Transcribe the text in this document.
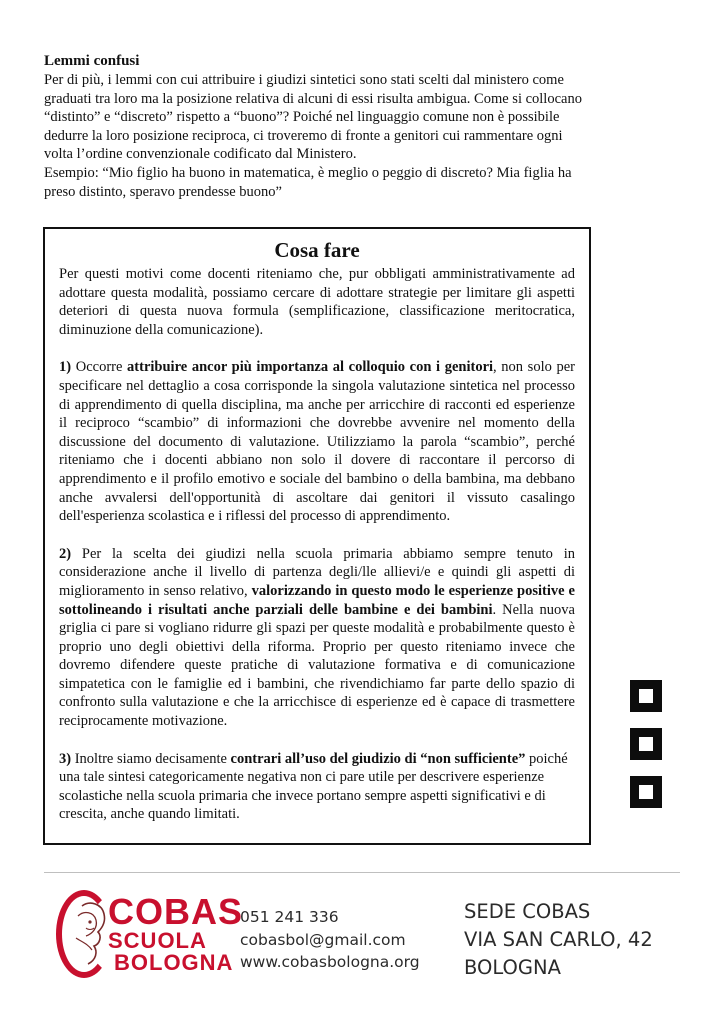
Lemmi confusi

Per di più, i lemmi con cui attribuire i giudizi sintetici sono stati scelti dal ministero come graduati tra loro ma la posizione relativa di alcuni di essi risulta ambigua. Come si collocano “distinto” e “discreto” rispetto a “buono”? Poiché nel linguaggio comune non è possibile dedurre la loro posizione reciproca, ci troveremo di fronte a genitori cui rammentare ogni volta l’ordine convenzionale codificato dal Ministero.

Esempio: “Mio figlio ha buono in matematica, è meglio o peggio di discreto? Mia figlia ha preso distinto, speravo prendesse buono”

Cosa fare

Per questi motivi come docenti riteniamo che, pur obbligati amministrativamente ad adottare questa modalità, possiamo cercare di adottare strategie per limitare gli aspetti deteriori di questa nuova formula (semplificazione, classificazione meritocratica, diminuzione della comunicazione).

1) Occorre attribuire ancor più importanza al colloquio con i genitori, non solo per specificare nel dettaglio a cosa corrisponde la singola valutazione sintetica nel processo di apprendimento di quella disciplina, ma anche per arricchire di racconti ed esperienze il reciproco “scambio” di informazioni che dovrebbe avvenire nel momento della discussione del documento di valutazione. Utilizziamo la parola “scambio”, perché riteniamo che i docenti abbiano non solo il dovere di raccontare il percorso di apprendimento e il profilo emotivo e sociale del bambino o della bambina, ma debbano anche avvalersi dell'opportunità di ascoltare dai genitori il vissuto casalingo dell'esperienza scolastica e i riflessi del processo di apprendimento.

2) Per la scelta dei giudizi nella scuola primaria abbiamo sempre tenuto in considerazione anche il livello di partenza degli/lle allievi/e e quindi gli aspetti di miglioramento in senso relativo, valorizzando in questo modo le esperienze positive e sottolineando i risultati anche parziali delle bambine e dei bambini. Nella nuova griglia ci pare si vogliano ridurre gli spazi per queste modalità e probabilmente questo è proprio uno degli obiettivi della riforma. Proprio per questo riteniamo invece che dovremo difendere queste pratiche di valutazione formativa e di comunicazione simpatetica con le famiglie ed i bambini, che rivendichiamo far parte dello spazio di confronto sulla valutazione e che la arricchisce di esperienze ed è capace di trasmettere reciprocamente motivazione.

3) Inoltre siamo decisamente contrari all’uso del giudizio di “non sufficiente” poiché una tale sintesi categoricamente negativa non ci pare utile per descrivere esperienze scolastiche nella scuola primaria che invece portano sempre aspetti significativi e di crescita, anche quando limitati.

COBAS
SCUOLA
BOLOGNA
051 241 336
cobasbol@gmail.com
www.cobasbologna.org
SEDE COBAS
VIA SAN CARLO, 42
BOLOGNA
